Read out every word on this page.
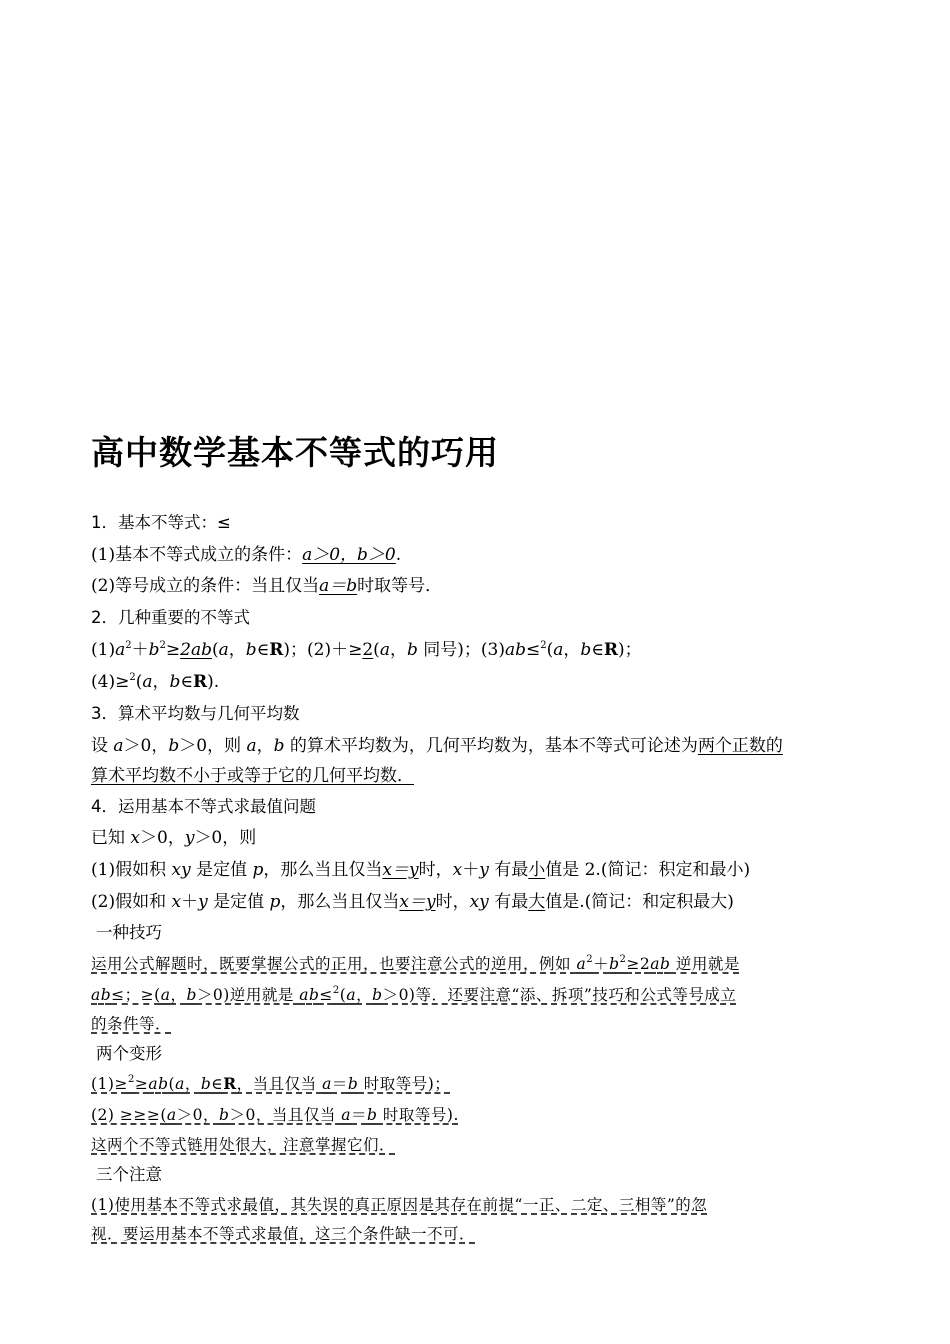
高中数学基本不等式的巧用
1．基本不等式：≤
(1)基本不等式成立的条件：a＞0，b＞0.
(2)等号成立的条件：当且仅当a＝b时取等号．
2．几种重要的不等式
$(1)a^2+b^2\ge 2ab(a$，b∈R)；(2)＋≥2(a，b 同号)；(3)ab≤$^2$(a，b∈R)；
(4)≥$^2$(a，b∈R).
3．算术平均数与几何平均数
设 a＞0，b＞0，则 a，b 的算术平均数为，几何平均数为，基本不等式可论述为两个正数的
算术平均数不小于或等于它的几何平均数．
4．运用基本不等式求最值问题
已知 x＞0，y＞0，则
(1)假如积 xy 是定值 p，那么当且仅当x＝y时，x＋y 有最小值是 2.(简记：积定和最小)
(2)假如和 x＋y 是定值 p，那么当且仅当x＝y时，xy 有最大值是.(简记：和定积最大)
一种技巧
运用公式解题时，既要掌握公式的正用，也要注意公式的逆用，例如 $a^2+b^2\ge 2ab$ 逆用就是
ab≤；≥(a，b＞0)逆用就是 ab≤$^2$(a，b＞0)等．还要注意“添、拆项”技巧和公式等号成立
的条件等．
两个变形
(1)≥$^2$≥ab(a，b∈R，当且仅当 a＝b 时取等号)；
(2) ≥≥≥(a＞0，b＞0，当且仅当 a＝b 时取等号).
这两个不等式链用处很大，注意掌握它们．
三个注意
(1)使用基本不等式求最值，其失误的真正原因是其存在前提“一正、二定、三相等”的忽
视．要运用基本不等式求最值，这三个条件缺一不可．
